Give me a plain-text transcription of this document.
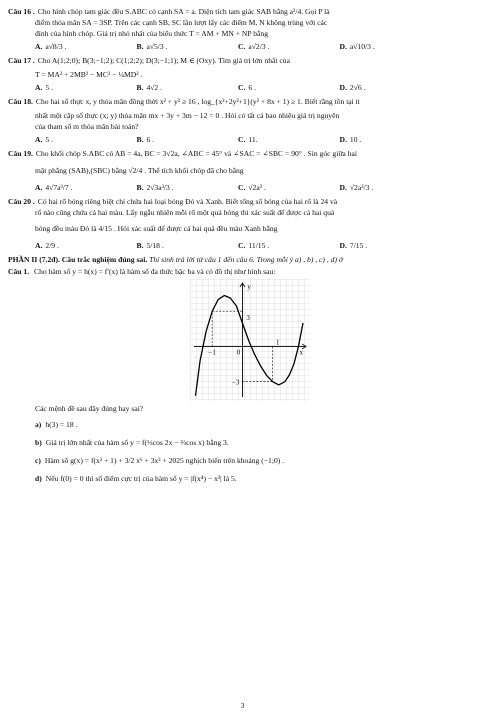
Câu 16 . Cho hình chóp tam giác đều S.ABC có cạnh SA = a. Diện tích tam giác SAB bằng a²/4. Gọi P là
điểm thỏa mãn SA = 3SP. Trên các cạnh SB, SC lần lượt lấy các điểm M, N không trùng với các
đỉnh của hình chóp. Giá trị nhỏ nhất của biểu thức T = AM + MN + NP bằng
A. a√8/3 .	B. a√5/3 .	C. a√2/3 .	D. a√10/3 .
Câu 17 . Cho A(1;2;0); B(3;−1;2); C(1;2;2); D(3;−1;1); M ∈ (Oxy). Tìm giá trị lớn nhất của
T = MA² + 2MB² − MC² − ¼MD² .
A. 5 .	B. 4√2 .	C. 6 .	D. 2√6 .
Câu 18. Cho hai số thực x, y thỏa mãn đồng thời x² + y² ≥ 16 , log_{x²+2y²+1}(y² + 8x + 1) ≥ 1. Biết rằng tồn tại ít
nhất một cặp số thực (x; y) thỏa mãn mx + 3y + 3m − 12 = 0 . Hỏi có tất cả bao nhiêu giá trị nguyên
của tham số m thỏa mãn bài toán?
A. 5 .	B. 6 .	C. 11.	D. 10 .
Câu 19. Cho khối chóp S.ABC có AB = 4a, BC = 3√2a, ∠ABC = 45° và ∠SAC = ∠SBC = 90° . Sin góc giữa hai
mặt phẳng (SAB),(SBC) bằng √2/4 . Thể tích khối chóp đã cho bằng
A. 4√7a³/7 .	B. 2√3a³/3 .	C. √2a³ .	D. √2a³/3 .
Câu 20 . Có hai rổ bóng riêng biệt chỉ chứa hai loại bóng Đỏ và Xanh. Biết tổng số bóng của hai rổ là 24 và
rổ nào cũng chứa cả hai màu. Lấy ngẫu nhiên mỗi rổ một quả bóng thì xác suất để được cả hai quả
bóng đều màu Đỏ là 4/15 . Hỏi xác suất để được cả hai quả đều màu Xanh bằng
A. 2/9 .	B. 5/18 .	C. 11/15 .	D. 7/15 .
PHẦN II (7.2đ). Câu trắc nghiệm đúng sai. Thí sinh trả lời từ câu 1 đến câu 6. Trong mỗi ý a) , b) , c) , d) ở
Câu 1. Cho hàm số y = h(x) = f′(x) là hàm số đa thức bậc ba và có đồ thị như hình sau:
y
x
3
−3
−1
1
0
Các mệnh đề sau đây đúng hay sai?
a) h(3) = 18 .
b) Giá trị lớn nhất của hàm số y = f(⅓cos 2x − ⅔cos x) bằng 3.
c) Hàm số g(x) = f(x³ + 1) + 3/2 x⁶ + 3x³ + 2025 nghịch biến trên khoảng (−1;0) .
d) Nếu f(0) = 0 thì số điểm cực trị của hàm số y = |f(x⁴) − x²| là 5.
3
